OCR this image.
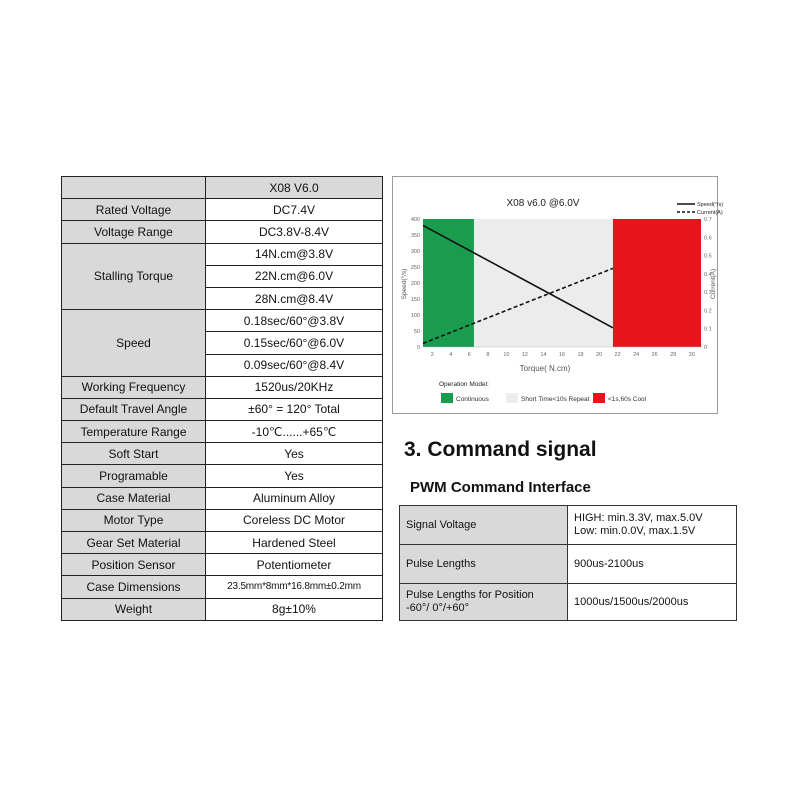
	X08 V6.0
Rated Voltage	DC7.4V
Voltage Range	DC3.8V-8.4V
Stalling Torque	14N.cm@3.8V
	22N.cm@6.0V
	28N.cm@8.4V
Speed	0.18sec/60°@3.8V
	0.15sec/60°@6.0V
	0.09sec/60°@8.4V
Working Frequency	1520us/20KHz
Default Travel Angle	±60° = 120° Total
Temperature Range	-10℃......+65℃
Soft Start	Yes
Programable	Yes
Case Material	Aluminum Alloy
Motor Type	Coreless DC Motor
Gear Set Material	Hardened Steel
Position Sensor	Potentiometer
Case Dimensions	23.5mm*8mm*16.8mm±0.2mm
Weight	8g±10%
X08 v6.0 @6.0V
2	4	6	8	10 12 14 16 18 20 22 24 26 28 30
0
50
100
150
200
250
300
350
400
0
0.1
0.2
0.3
0.4
0.5
0.6
0.7
Speed(°/s)
Current(A)
Torque( N.cm)
Speed(°/s)	Current(A)
Operation Model:
Continuous	Short Time<10s Repeat	<1s,60s Cool
3. Command signal
PWM Command Interface
Signal Voltage	HIGH: min.3.3V, max.5.0V
Low: min.0.0V, max.1.5V

Pulse Lengths	900us-2100us

Pulse Lengths for Position
-60°/ 0°/+60°	1000us/1500us/2000us
